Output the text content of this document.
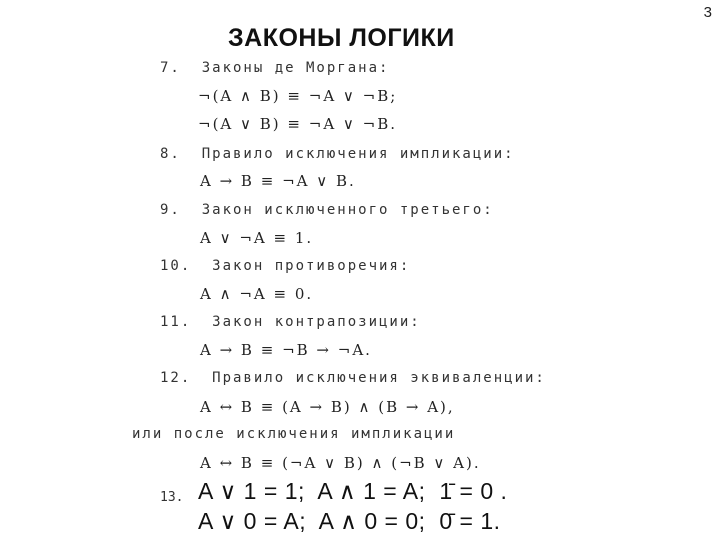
3
ЗАКОНЫ ЛОГИКИ
7.  Законы де Моргана:
¬(A ∧ B) ≡ ¬A ∨ ¬B;
¬(A ∨ B) ≡ ¬A ∨ ¬B.
8.  Правило исключения импликации:
A → B ≡ ¬A ∨ B.
9.  Закон исключенного третьего:
A ∨ ¬A ≡ 1.
10.  Закон противоречия:
A ∧ ¬A ≡ 0.
11.  Закон контрапозиции:
A → B ≡ ¬B → ¬A.
12.  Правило исключения эквиваленции:
A ↔ B ≡ (A → B) ∧ (B → A),
или после исключения импликации
A ↔ B ≡ (¬A ∨ B) ∧ (¬B ∨ A).
13. A ∨ 1 = 1;  A ∧ 1 = A;  1̄ = 0 .
A ∨ 0 = A;  A ∧ 0 = 0;  0̄ = 1.
